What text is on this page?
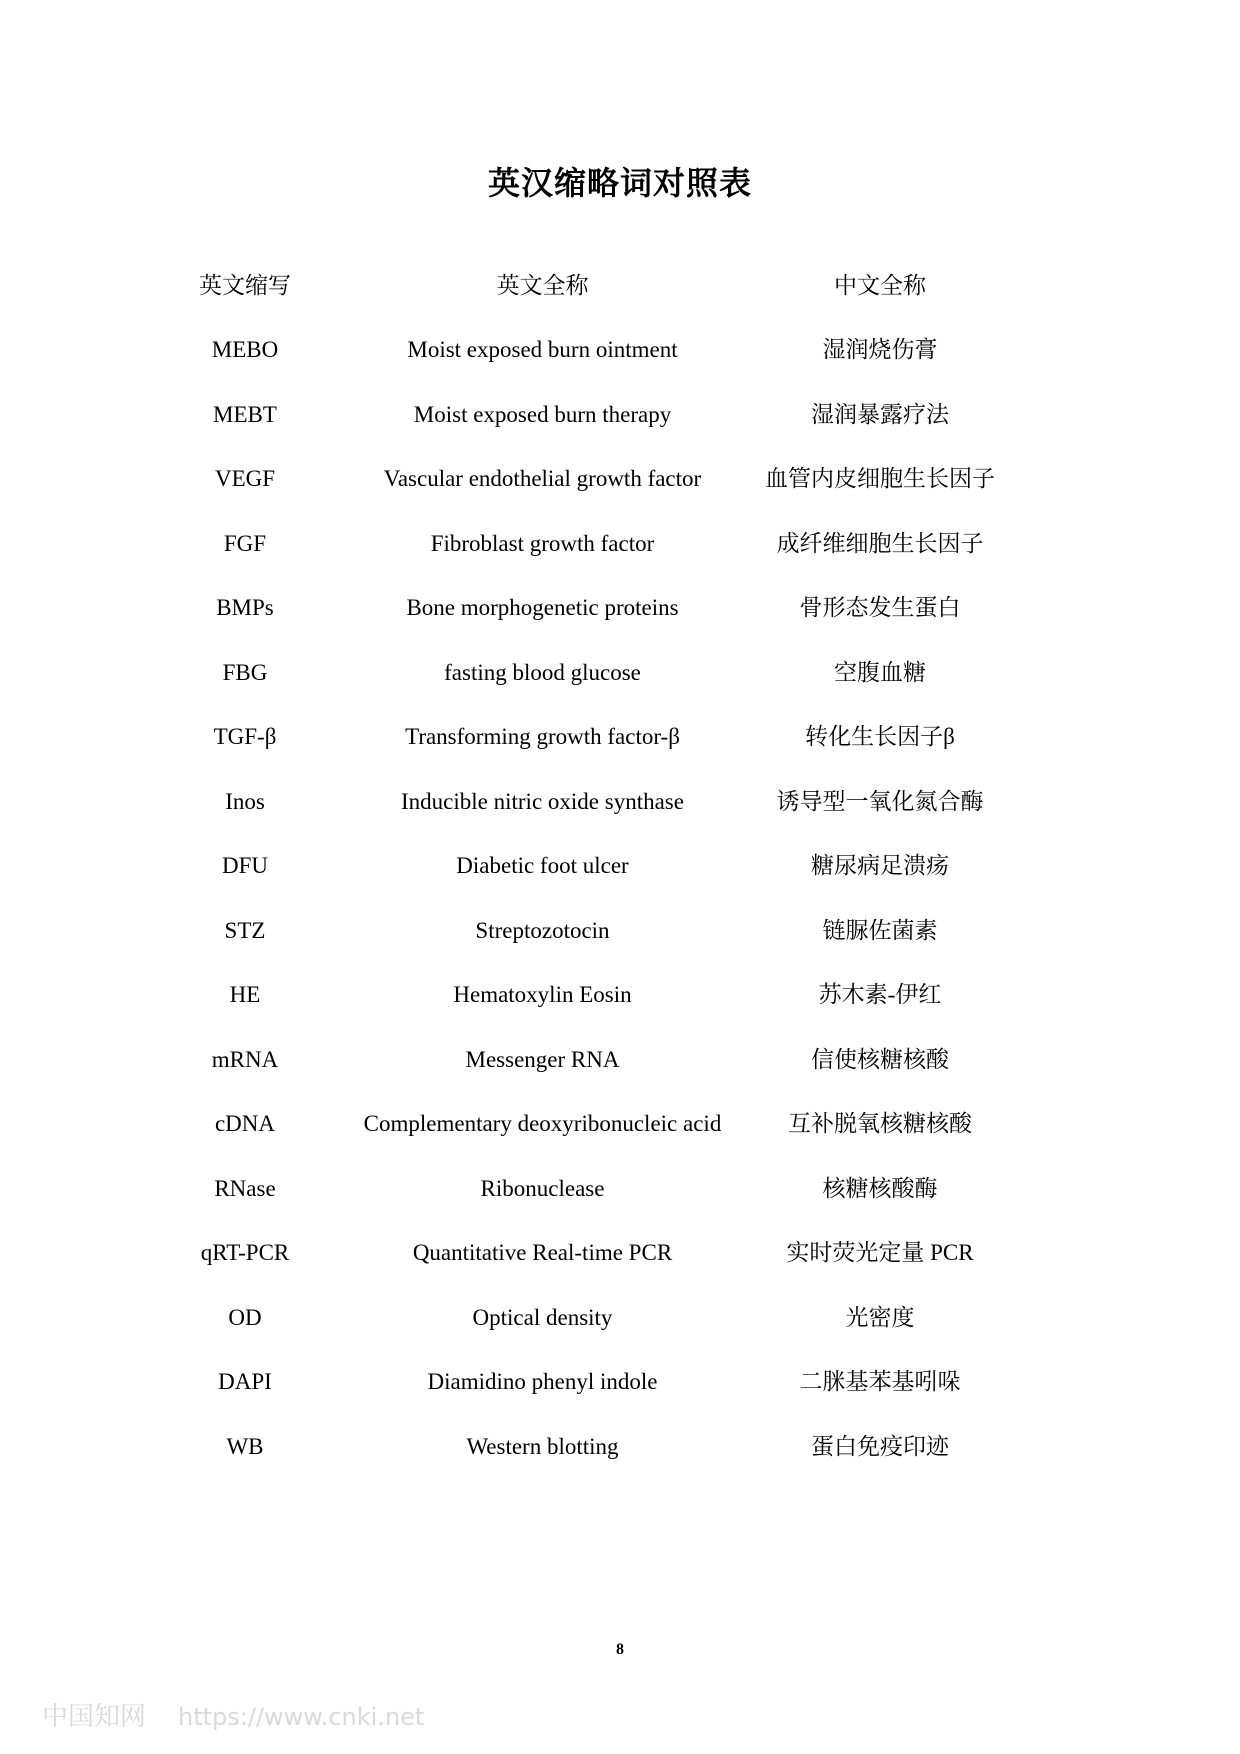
英汉缩略词对照表
英文缩写	英文全称	中文全称
MEBO	Moist exposed burn ointment	湿润烧伤膏
MEBT	Moist exposed burn therapy	湿润暴露疗法
VEGF	Vascular endothelial growth factor	血管内皮细胞生长因子
FGF	Fibroblast growth factor	成纤维细胞生长因子
BMPs	Bone morphogenetic proteins	骨形态发生蛋白
FBG	fasting blood glucose	空腹血糖
TGF-β	Transforming growth factor-β	转化生长因子β
Inos	Inducible nitric oxide synthase	诱导型一氧化氮合酶
DFU	Diabetic foot ulcer	糖尿病足溃疡
STZ	Streptozotocin	链脲佐菌素
HE	Hematoxylin Eosin	苏木素-伊红
mRNA	Messenger RNA	信使核糖核酸
cDNA	Complementary deoxyribonucleic acid	互补脱氧核糖核酸
RNase	Ribonuclease	核糖核酸酶
qRT-PCR	Quantitative Real-time PCR	实时荧光定量 PCR
OD	Optical density	光密度
DAPI	Diamidino phenyl indole	二脒基苯基吲哚
WB	Western blotting	蛋白免疫印迹
8
中国知网 https://www.cnki.net
